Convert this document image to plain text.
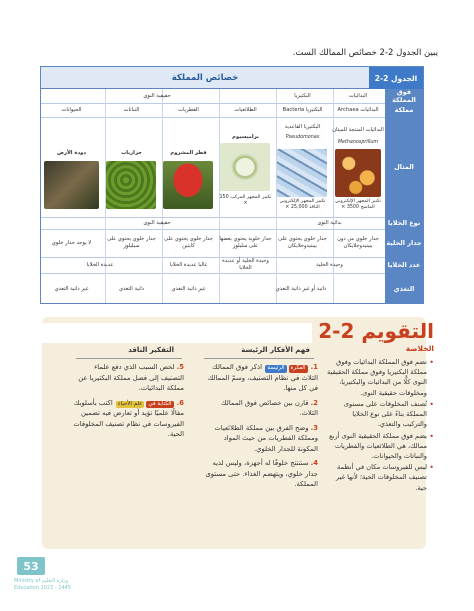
يبين الجدول 2-2 خصائص الممالك الست.
الجدول 2-2
خصائص المملكة
فوق المملكة
مملكة
المثال
نوع الخلايا
جدار الخلية
عدد الخلايا
التغذي
البدائيات
البكتيريا
حقيقية النوى
البدائيات Archaea
البكتيريا Bacteria
الطلائعيات
الفطريات
النباتات
الحيوانات
البدائيات المنتجة للميثان
Methanosprillum
البكتيريا القاعدية
Pseudomonas
براميسيوم
فطر المشروم
حزازيات
دودة الأرض
تكبير المجهر الإلكتروني الماسح 3500 ×
تكبير المجهر الإلكتروني النافذ 25,000 ×
تكبير المجهر المركب 150 ×
بدائية النوى
حقيقية النوى
جدار خلوي من دون بيبتيدوجلايكان
جدار خلوي يحتوي على بيبتيدوجلايكان
جدار خلوية يحتوي بعضها على سليلوز
جدار خلوي يحتوي على كايتين
جدار خلوي يحتوي على سيليلوز
لا يوجد جدار خلوي
وحيدة الخلية
وحيدة الخلية أو عديدة الخلايا
غالبا عديدة الخلايا
عديدة الخلايا
ذاتية أو غير ذاتية التغذي
غير ذاتية التغذي
ذاتية التغذي
غير ذاتية التغذي
التقويم 2-2
الخلاصة
• تضم فوق المملكة البدائيات وفوق مملكة البكتيريا وفوق مملكة الحقيقية النوى كلًّا من البدائيات والبكتيريا، ومخلوقات حقيقية النوى.
• تُصنف المخلوقات على مستوى المملكة بناءً على نوع الخلايا والتركيب والتغذي.
• يضم فوق مملكة الحقيقية النوى أربع ممالك، هي الطلائعيات والفطريات والنباتات والحيوانات.
• ليس للفيروسات مكان في أنظمة تصنيف المخلوقات الحية؛ لأنها غير حية.
فهم الأفكار الرئيسة
1. الفكرةالرئيسة اذكر فوق الممالك الثلاث في نظام التصنيف، وسمّ الممالك في كل منها.
2. قارن بين خصائص فوق الممالك الثلاث.
3. وضح الفرق بين مملكة الطلائعيات ومملكة الفطريات من حيث المواد المكونة للجدار الخلوي.
4. سنتنتج خلوقًا له أجهزة، وليس لديه جدار خلوي، ويتهضم الغذاء. حتى مستوى المملكة.
التفكير الناقد
5. لخص السبب الذي دفع علماء التصنيف إلى فصل مملكة البكتيريا عن مملكة البدائيات.
6. الكتابة فيعلم الأحياء اكتب بأسلوبك مقالًا علميًا تؤيد أو تعارض فيه تضمين الفيروسات في نظام تصنيف المخلوقات الحية.
53
وزارة التعليم Ministry of Education 2023 - 1445
